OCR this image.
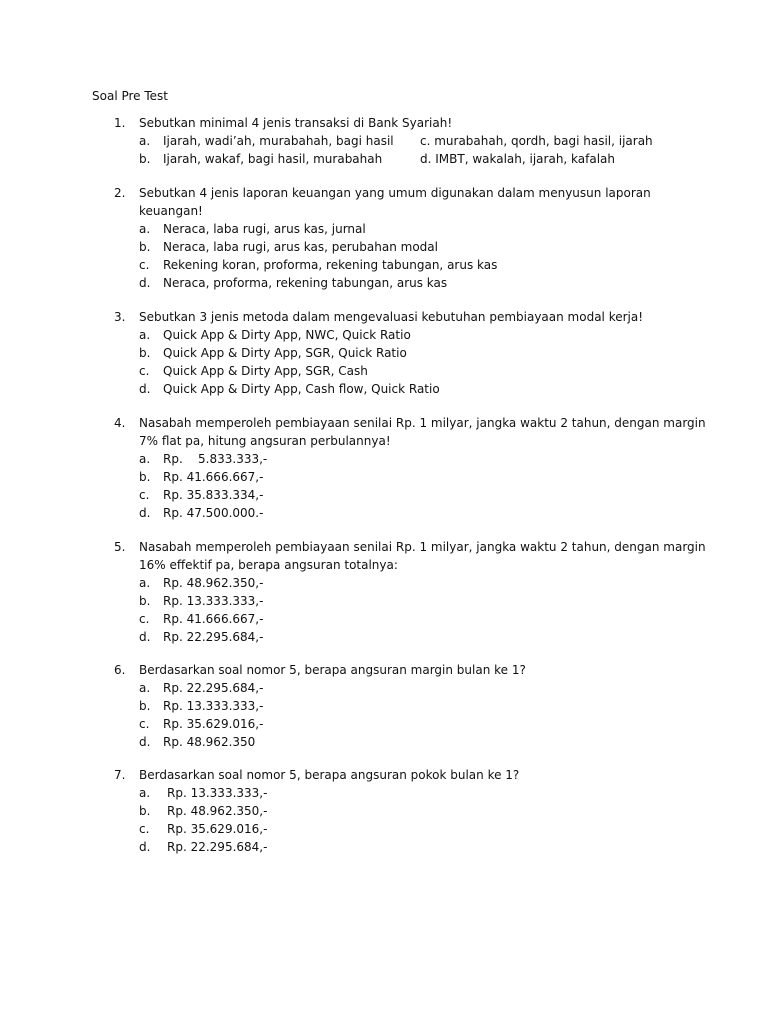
Soal Pre Test
1. Sebutkan minimal 4 jenis transaksi di Bank Syariah!
a. Ijarah, wadi’ah, murabahah, bagi hasil c. murabahah, qordh, bagi hasil, ijarah
b. Ijarah, wakaf, bagi hasil, murabahah	d. IMBT, wakalah, ijarah, kafalah
2. Sebutkan 4 jenis laporan keuangan yang umum digunakan dalam menyusun laporan
keuangan!
a. Neraca, laba rugi, arus kas, jurnal
b. Neraca, laba rugi, arus kas, perubahan modal
c. Rekening koran, proforma, rekening tabungan, arus kas
d. Neraca, proforma, rekening tabungan, arus kas
3. Sebutkan 3 jenis metoda dalam mengevaluasi kebutuhan pembiayaan modal kerja!
a. Quick App & Dirty App, NWC, Quick Ratio
b. Quick App & Dirty App, SGR, Quick Ratio
c. Quick App & Dirty App, SGR, Cash
d. Quick App & Dirty App, Cash flow, Quick Ratio
4. Nasabah memperoleh pembiayaan senilai Rp. 1 milyar, jangka waktu 2 tahun, dengan margin
7% flat pa, hitung angsuran perbulannya!
a. Rp.    5.833.333,-
b. Rp. 41.666.667,-
c. Rp. 35.833.334,-
d. Rp. 47.500.000.-
5. Nasabah memperoleh pembiayaan senilai Rp. 1 milyar, jangka waktu 2 tahun, dengan margin
16% effektif pa, berapa angsuran totalnya:
a. Rp. 48.962.350,-
b. Rp. 13.333.333,-
c. Rp. 41.666.667,-
d. Rp. 22.295.684,-
6. Berdasarkan soal nomor 5, berapa angsuran margin bulan ke 1?
a. Rp. 22.295.684,-
b. Rp. 13.333.333,-
c. Rp. 35.629.016,-
d. Rp. 48.962.350
7. Berdasarkan soal nomor 5, berapa angsuran pokok bulan ke 1?
a. Rp. 13.333.333,-
b. Rp. 48.962.350,-
c. Rp. 35.629.016,-
d. Rp. 22.295.684,-
